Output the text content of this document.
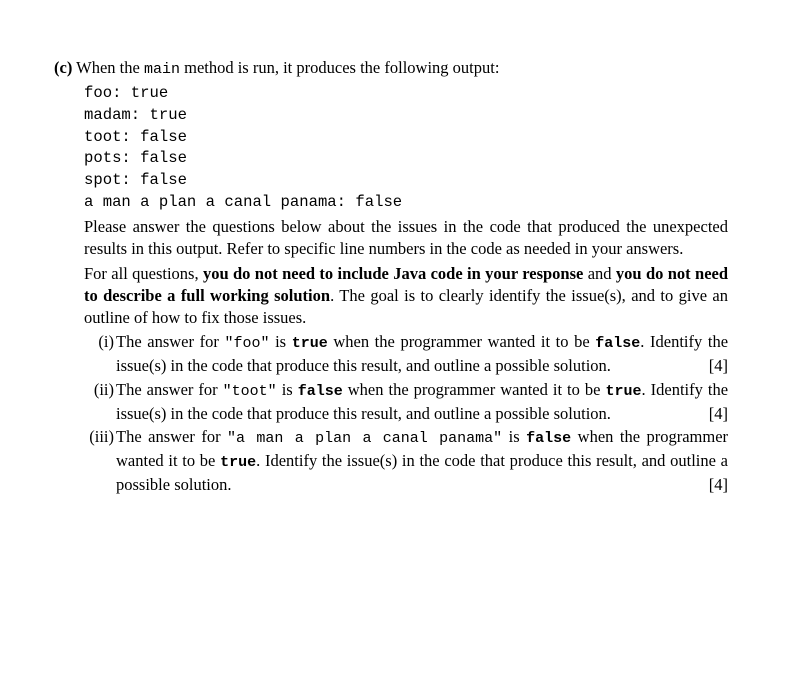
(c) When the main method is run, it produces the following output:
foo: true
madam: true
toot: false
pots: false
spot: false
a man a plan a canal panama: false
Please answer the questions below about the issues in the code that produced the unexpected results in this output. Refer to specific line numbers in the code as needed in your answers.
For all questions, you do not need to include Java code in your response and you do not need to describe a full working solution. The goal is to clearly identify the issue(s), and to give an outline of how to fix those issues.
(i) The answer for "foo" is true when the programmer wanted it to be false. Identify the issue(s) in the code that produce this result, and outline a possible solution.	[4]
(ii) The answer for "toot" is false when the programmer wanted it to be true. Identify the issue(s) in the code that produce this result, and outline a possible solution.	[4]
(iii) The answer for "a man a plan a canal panama" is false when the programmer wanted it to be true. Identify the issue(s) in the code that produce this result, and outline a possible solution.	[4]
